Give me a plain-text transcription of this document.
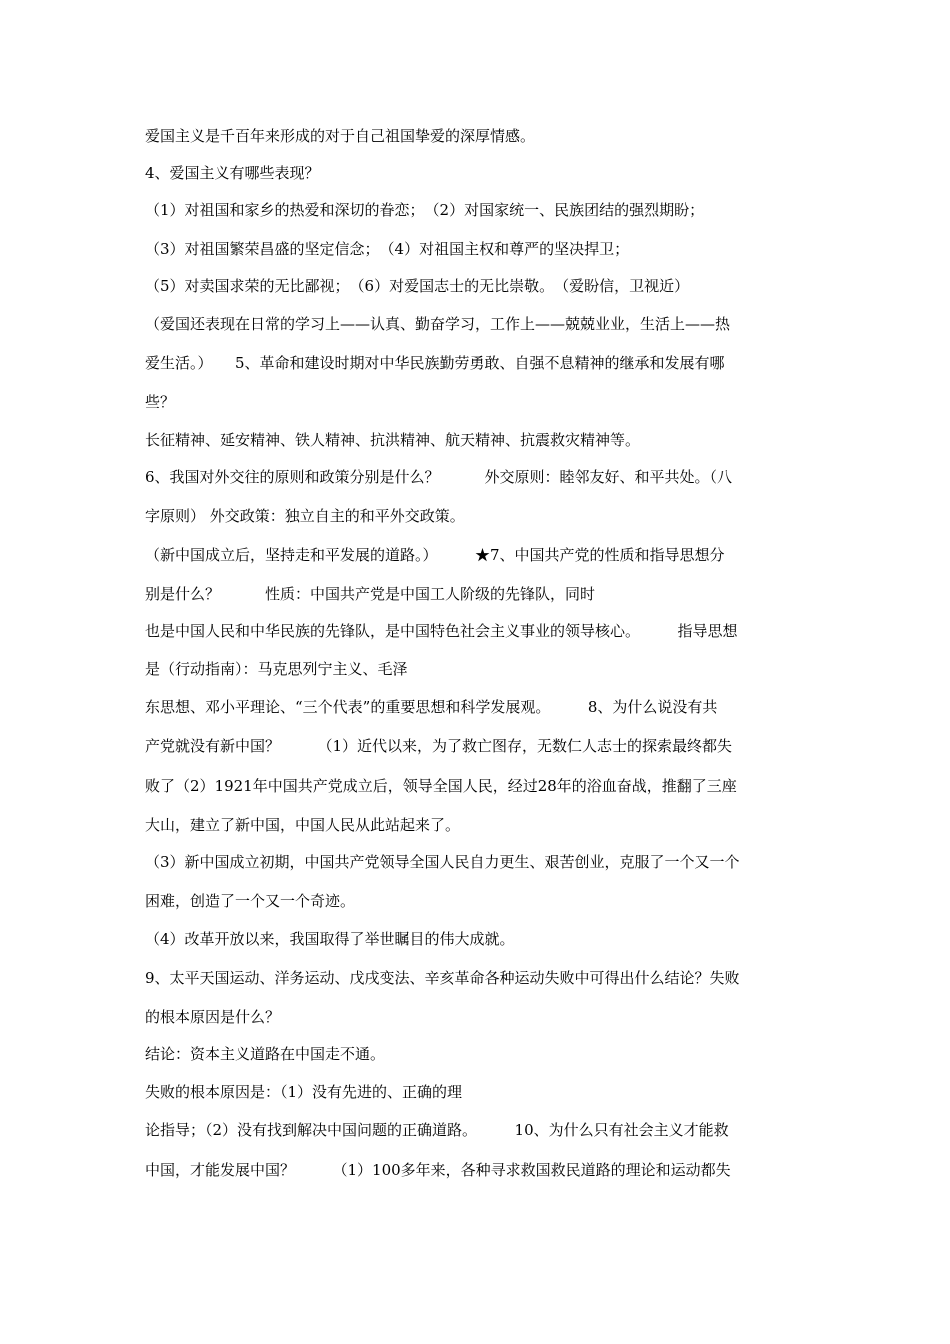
爱国主义是千百年来形成的对于自己祖国挚爱的深厚情感。
4、爱国主义有哪些表现？
（1）对祖国和家乡的热爱和深切的眷恋；　（2）对国家统一、民族团结的强烈期盼；
（3）对祖国繁荣昌盛的坚定信念；　（4）对祖国主权和尊严的坚决捍卫；
（5）对卖国求荣的无比鄙视；　（6）对爱国志士的无比崇敬。　（爱盼信，卫视近）
（爱国还表现在日常的学习上——认真、勤奋学习，工作上——兢兢业业，生活上——热
爱生活。）　　5、革命和建设时期对中华民族勤劳勇敢、自强不息精神的继承和发展有哪
些？
长征精神、延安精神、铁人精神、抗洪精神、航天精神、抗震救灾精神等。
6、我国对外交往的原则和政策分别是什么？　　　外交原则：睦邻友好、和平共处。（八
字原则） 外交政策：独立自主的和平外交政策。
（新中国成立后，坚持走和平发展的道路。）　　　★7、中国共产党的性质和指导思想分
别是什么？　　　性质：中国共产党是中国工人阶级的先锋队，同时
也是中国人民和中华民族的先锋队，是中国特色社会主义事业的领导核心。　　　指导思想
是（行动指南）：马克思列宁主义、毛泽
东思想、邓小平理论、“三个代表”的重要思想和科学发展观。　　　8、为什么说没有共
产党就没有新中国？　　　（1）近代以来，为了救亡图存，无数仁人志士的探索最终都失
败了（2）1921年中国共产党成立后，领导全国人民，经过28年的浴血奋战，推翻了三座
大山，建立了新中国，中国人民从此站起来了。
（3）新中国成立初期，中国共产党领导全国人民自力更生、艰苦创业，克服了一个又一个
困难，创造了一个又一个奇迹。
（4）改革开放以来，我国取得了举世瞩目的伟大成就。
9、太平天国运动、洋务运动、戊戌变法、辛亥革命各种运动失败中可得出什么结论？失败
的根本原因是什么？
结论：资本主义道路在中国走不通。
失败的根本原因是：（1）没有先进的、正确的理
论指导；（2）没有找到解决中国问题的正确道路。　　　10、为什么只有社会主义才能救
中国，才能发展中国？　　　（1）100多年来，各种寻求救国救民道路的理论和运动都失
